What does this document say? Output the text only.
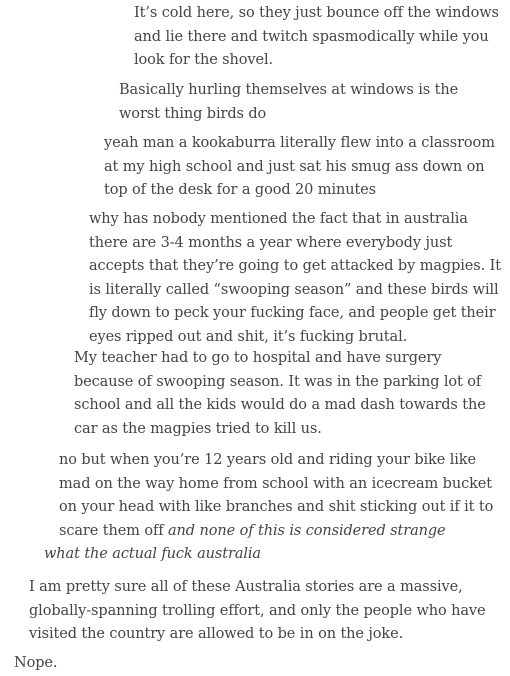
It’s cold here, so they just bounce off the windows and lie there and twitch spasmodically while you look for the shovel.

Basically hurling themselves at windows is the worst thing birds do

yeah man a kookaburra literally flew into a classroom at my high school and just sat his smug ass down on top of the desk for a good 20 minutes

why has nobody mentioned the fact that in australia there are 3-4 months a year where everybody just accepts that they’re going to get attacked by magpies. It is literally called “swooping season” and these birds will fly down to peck your fucking face, and people get their eyes ripped out and shit, it’s fucking brutal.

My teacher had to go to hospital and have surgery because of swooping season. It was in the parking lot of school and all the kids would do a mad dash towards the car as the magpies tried to kill us.

no but when you’re 12 years old and riding your bike like mad on the way home from school with an icecream bucket on your head with like branches and shit sticking out if it to scare them off and none of this is considered strange

what the actual fuck australia

I am pretty sure all of these Australia stories are a massive, globally-spanning trolling effort, and only the people who have visited the country are allowed to be in on the joke.

Nope.
